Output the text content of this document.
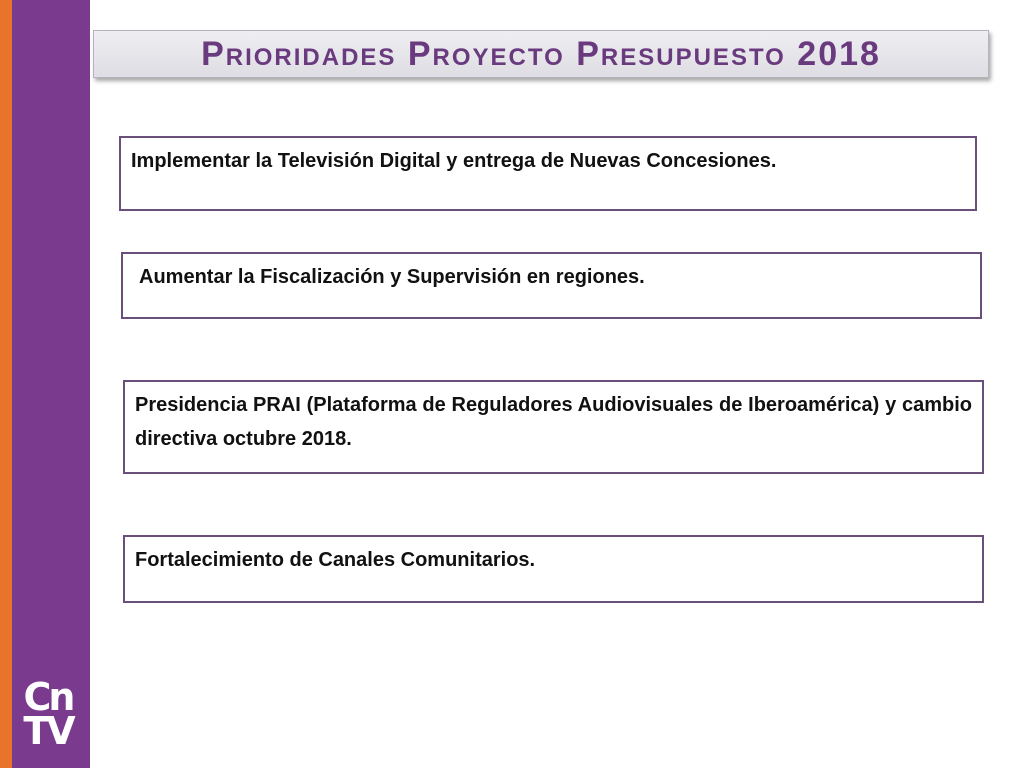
Cn
TV
Prioridades Proyecto Presupuesto 2018
Implementar la Televisión Digital y entrega de Nuevas Concesiones.
Aumentar la Fiscalización y Supervisión en regiones.
Presidencia PRAI (Plataforma de Reguladores Audiovisuales de Iberoamérica) y cambio directiva octubre 2018.
Fortalecimiento de Canales Comunitarios.
